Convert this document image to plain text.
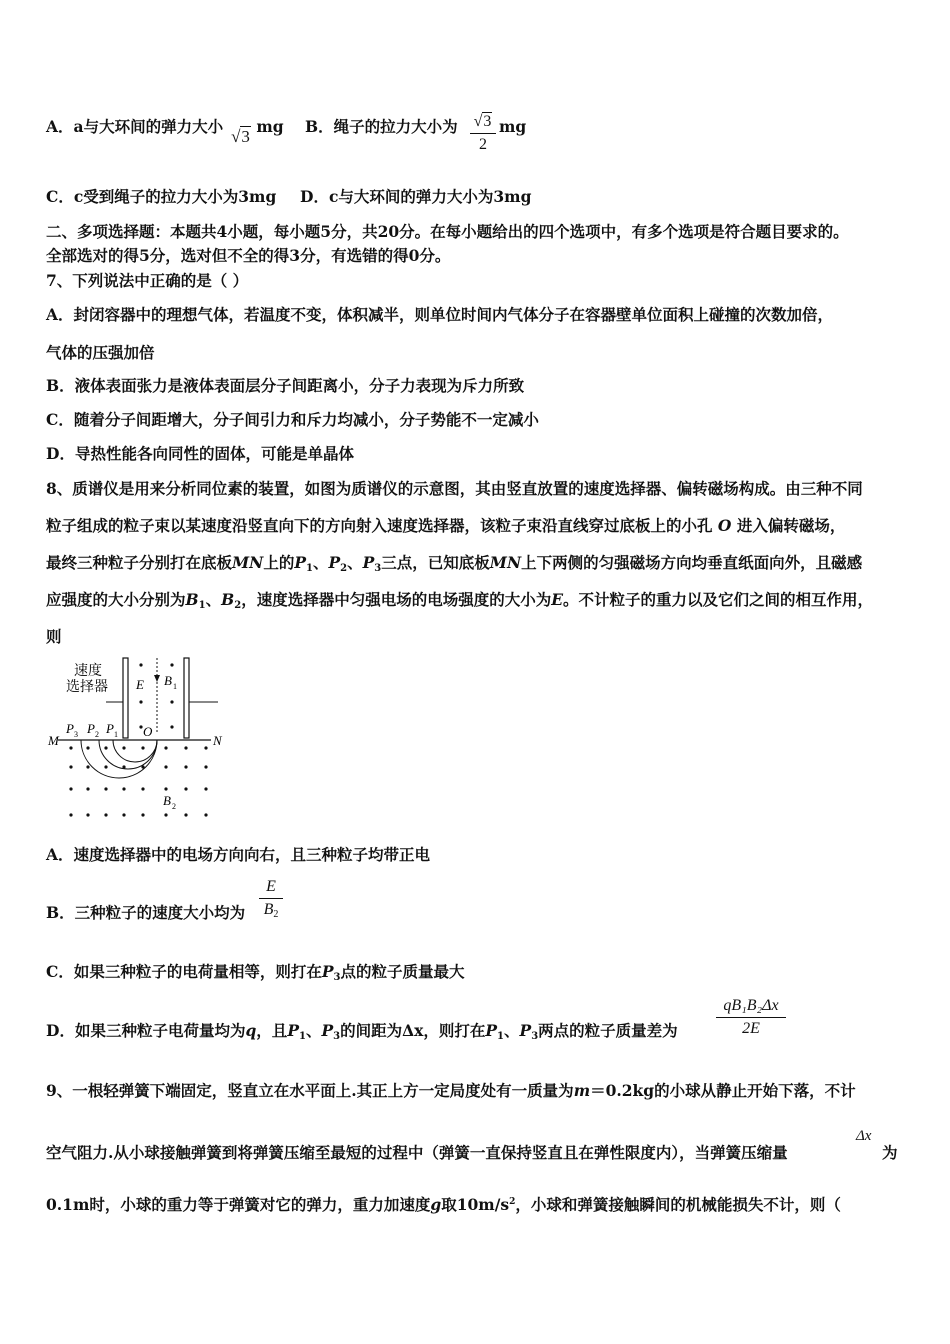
A．a与大环间的弹力大小√3 mg B．绳子的拉力大小为 √3
2
mg
C．c受到绳子的拉力大小为3mg D．c与大环间的弹力大小为3mg
二、多项选择题：本题共4小题，每小题5分，共20分。在每小题给出的四个选项中，有多个选项是符合题目要求的。
全部选对的得5分，选对但不全的得3分，有选错的得0分。
7、下列说法中正确的是（ ）
A．封闭容器中的理想气体，若温度不变，体积减半，则单位时间内气体分子在容器壁单位面积上碰撞的次数加倍，
气体的压强加倍
B．液体表面张力是液体表面层分子间距离小，分子力表现为斥力所致
C．随着分子间距增大，分子间引力和斥力均减小，分子势能不一定减小
D．导热性能各向同性的固体，可能是单晶体
8、质谱仪是用来分析同位素的装置，如图为质谱仪的示意图，其由竖直放置的速度选择器、偏转磁场构成。由三种不同
粒子组成的粒子束以某速度沿竖直向下的方向射入速度选择器，该粒子束沿直线穿过底板上的小孔 O 进入偏转磁场，
最终三种粒子分别打在底板MN上的$P_1$、$P_2$、$P_3$三点，已知底板MN上下两侧的匀强磁场方向均垂直纸面向外，且磁感
应强度的大小分别为$B_1$、$B_2$，速度选择器中匀强电场的电场强度的大小为E。不计粒子的重力以及它们之间的相互作用，
则
速度
选择器 E B 1
M	N
O
P 3 P 2 P 1
B 2
A．速度选择器中的电场方向向右，且三种粒子均带正电
B．三种粒子的速度大小均为
E
$B_2$
C．如果三种粒子的电荷量相等，则打在$P_3$点的粒子质量最大
D．如果三种粒子电荷量均为q，且$P_1$、$P_3$的间距为Δx，则打在$P_1$、$P_3$两点的粒子质量差为
qB₁B₂Δx
2E
9、一根轻弹簧下端固定，竖直立在水平面上.其正上方一定局度处有一质量为m＝0.2kg的小球从静止开始下落，不计
空气阻力.从小球接触弹簧到将弹簧压缩至最短的过程中（弹簧一直保持竖直且在弹性限度内），当弹簧压缩量
Δx
为
0.1m时，小球的重力等于弹簧对它的弹力，重力加速度g取$10m/s^2$，小球和弹簧接触瞬间的机械能损失不计，则（
